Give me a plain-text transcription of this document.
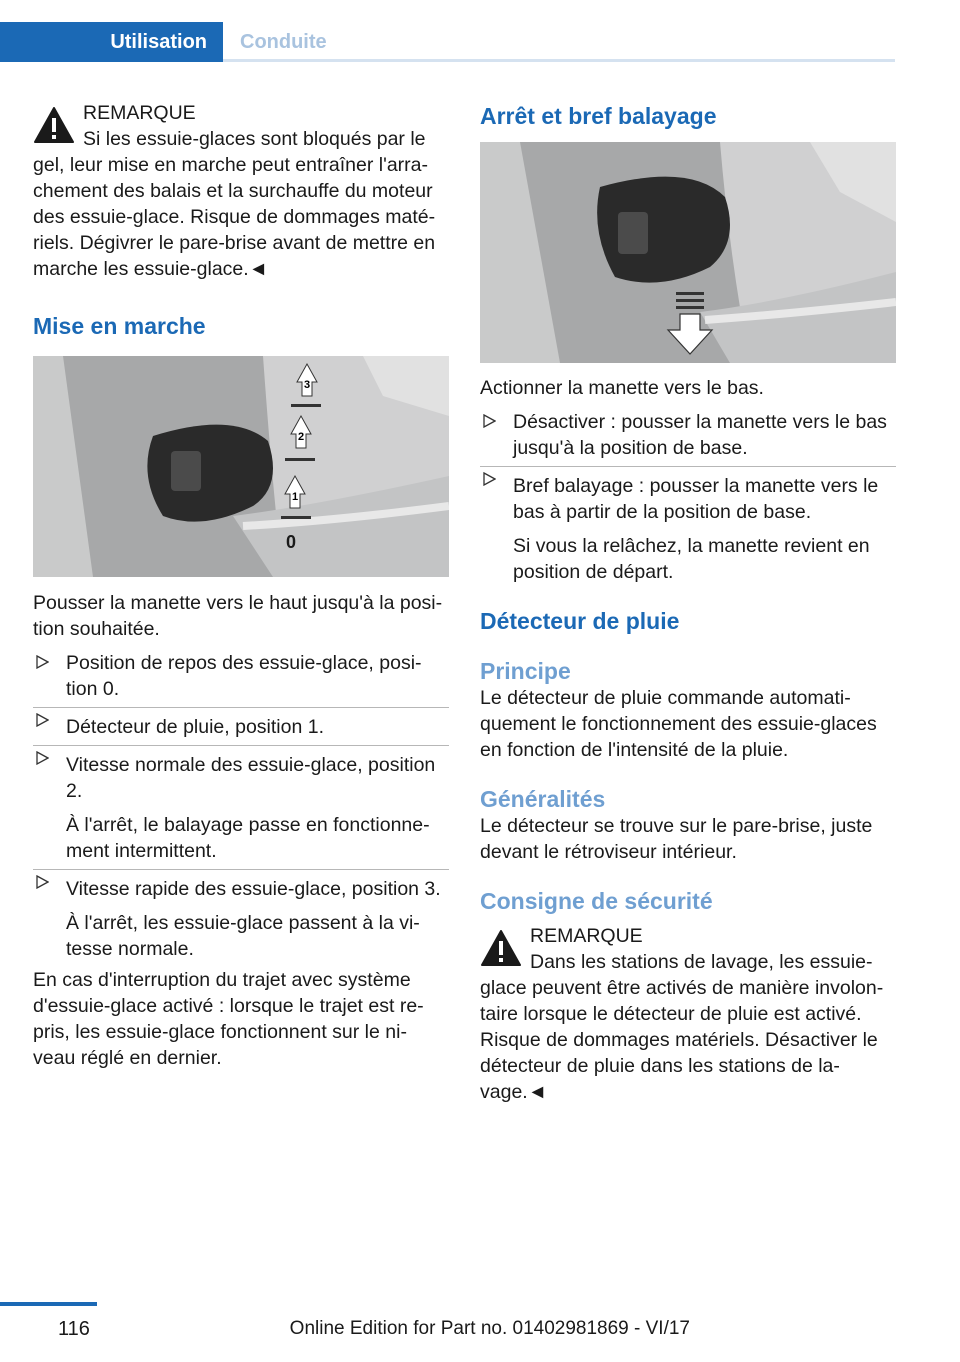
Utilisation	Conduite

REMARQUE

Si les essuie-glaces sont bloqués par le gel, leur mise en marche peut entraîner l'arra-chement des balais et la surchauffe du moteur des essuie-glace. Risque de dommages maté-riels. Dégivrer le pare-brise avant de mettre en marche les essuie-glace.◄

Mise en marche
3
2
1
0

Pousser la manette vers le haut jusqu'à la posi-tion souhaitée.

Position de repos des essuie-glace, posi-tion 0.
Détecteur de pluie, position 1.
Vitesse normale des essuie-glace, position 2.
À l'arrêt, le balayage passe en fonctionne-ment intermittent.
Vitesse rapide des essuie-glace, position 3.
À l'arrêt, les essuie-glace passent à la vi-tesse normale.

En cas d'interruption du trajet avec système d'essuie-glace activé : lorsque le trajet est re-pris, les essuie-glace fonctionnent sur le ni-veau réglé en dernier.

Arrêt et bref balayage

Actionner la manette vers le bas.

Désactiver : pousser la manette vers le bas jusqu'à la position de base.
Bref balayage : pousser la manette vers le bas à partir de la position de base.
Si vous la relâchez, la manette revient en position de départ.
Détecteur de pluie
Principe

Le détecteur de pluie commande automati-quement le fonctionnement des essuie-glaces en fonction de l'intensité de la pluie.

Généralités

Le détecteur se trouve sur le pare-brise, juste devant le rétroviseur intérieur.

Consigne de sécurité

REMARQUE

Dans les stations de lavage, les essuie-glace peuvent être activés de manière involon-taire lorsque le détecteur de pluie est activé. Risque de dommages matériels. Désactiver le détecteur de pluie dans les stations de la-vage.◄

116	Online Edition for Part no. 01402981869 - VI/17
